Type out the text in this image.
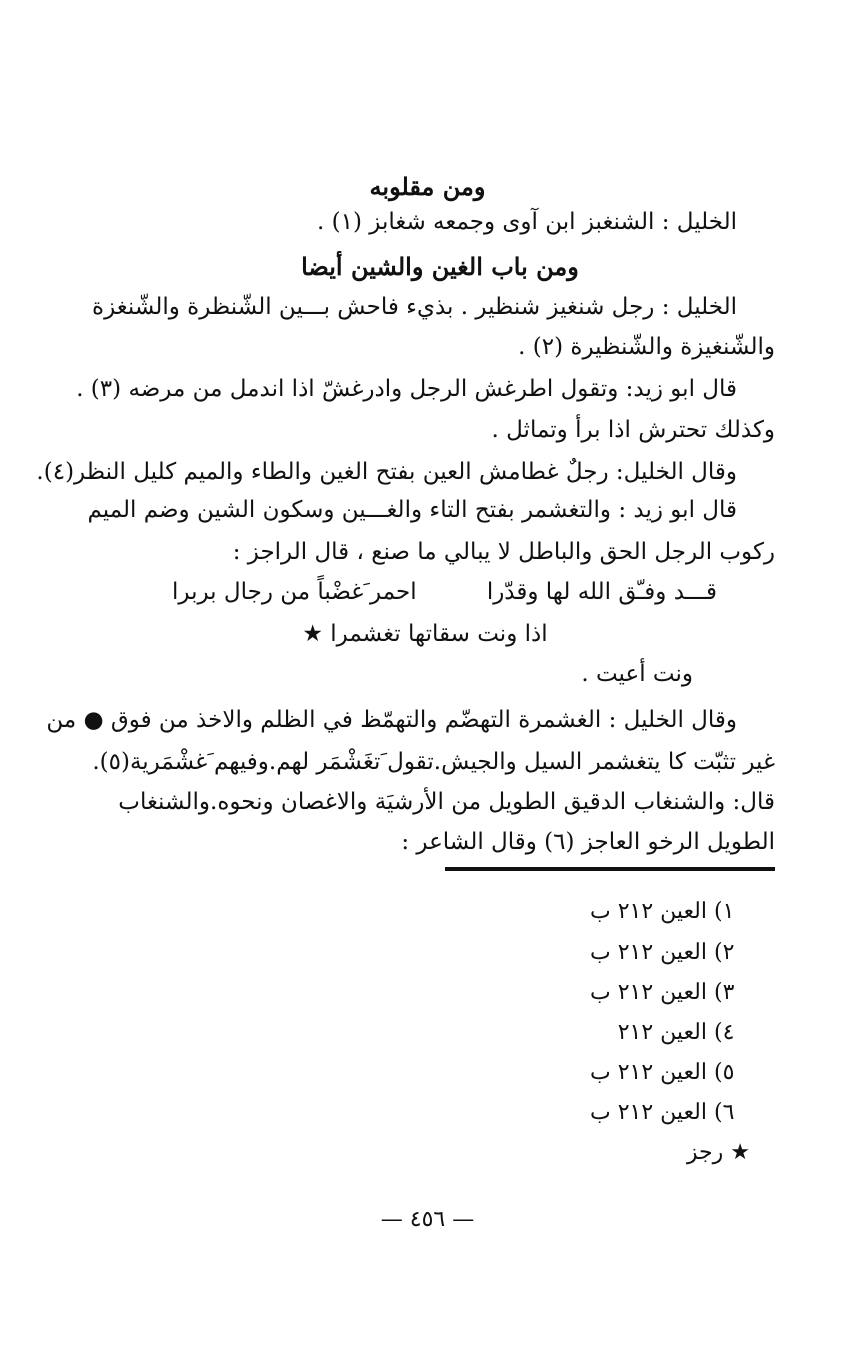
ومن مقلوبه
الخليل : الشنغبز ابن آوى وجمعه شغابز (١) .
ومن باب الغين والشين أيضا
الخليل : رجل شنغيز شنظير . بذيء فاحش بـــين الشّنظرة والشّنغزة
والشّنغيزة والشّنظيرة (٢) .
قال ابو زيد: وتقول اطرغش الرجل وادرغشّ اذا اندمل من مرضه (٣) .
وكذلك تحترش اذا برأ وتماثل .
وقال الخليل: رجلٌ غطامش العين بفتح الغين والطاء والميم كليل النظر(٤).
قال ابو زيد : والتغشمر بفتح التاء والغـــين وسكون الشين وضم الميم
ركوب الرجل الحق والباطل لا يبالي ما صنع ، قال الراجز :
قـــد وفـّق الله لها وقدّرا
احمر َغضْباً من رجال بربرا
اذا ونت سقاتها تغشمرا ★
ونت أعيت .
وقال الخليل : الغشمرة التهضّم والتهمّظ في الظلم والاخذ من فوق ● من
غير تثبّت كا يتغشمر السيل والجيش.تقول َتغَشْمَر لهم.وفيهم َغشْمَرية(٥).
قال: والشنغاب الدقيق الطويل من الأرشيَة والاغصان ونحوه.والشنغاب
الطويل الرخو العاجز (٦) وقال الشاعر :
١) العين ٢١٢ ب
٢) العين ٢١٢ ب
٣) العين ٢١٢ ب
٤) العين ٢١٢
٥) العين ٢١٢ ب
٦) العين ٢١٢ ب
★ رجز
— ٤٥٦ —
